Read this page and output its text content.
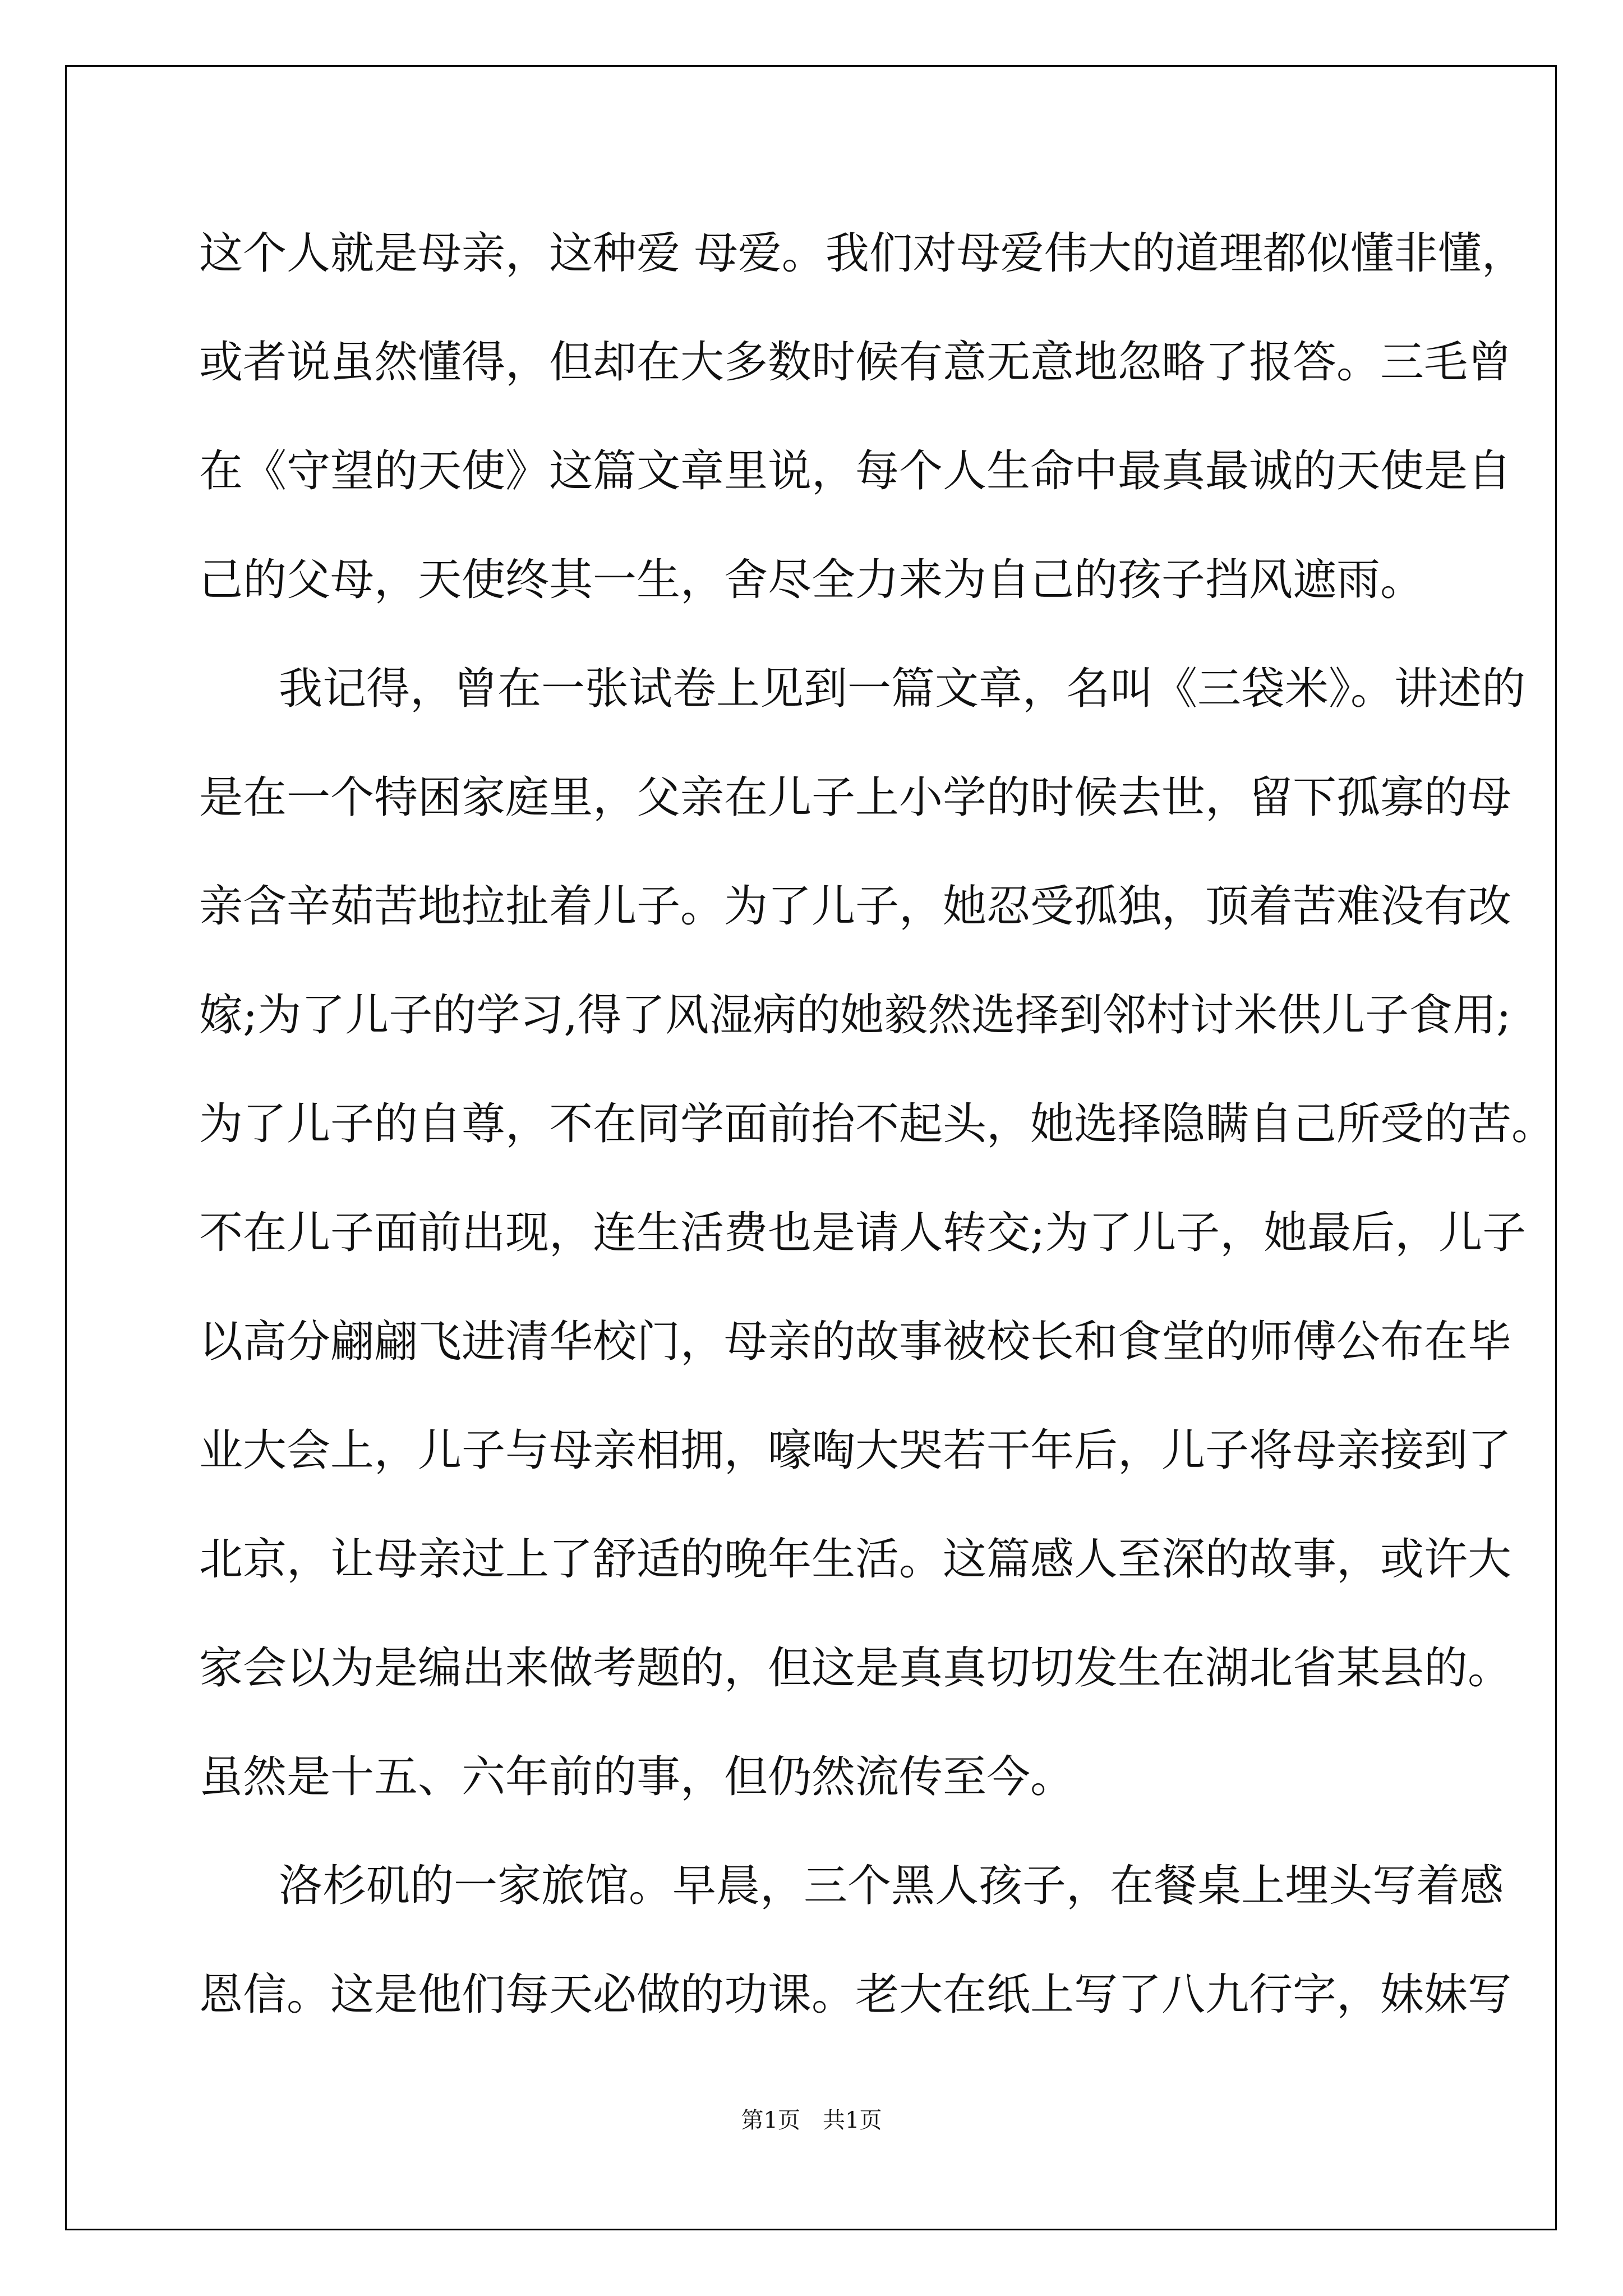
这个人就是母亲，这种爱 母爱。我们对母爱伟大的道理都似懂非懂，
或者说虽然懂得，但却在大多数时候有意无意地忽略了报答。三毛曾
在《守望的天使》这篇文章里说，每个人生命中最真最诚的天使是自
己的父母，天使终其一生，舍尽全力来为自己的孩子挡风遮雨。
我记得，曾在一张试卷上见到一篇文章，名叫《三袋米》。讲述的
是在一个特困家庭里，父亲在儿子上小学的时候去世，留下孤寡的母
亲含辛茹苦地拉扯着儿子。为了儿子，她忍受孤独，顶着苦难没有改
嫁;为了儿子的学习,得了风湿病的她毅然选择到邻村讨米供儿子食用;
为了儿子的自尊，不在同学面前抬不起头，她选择隐瞒自己所受的苦。
不在儿子面前出现，连生活费也是请人转交;为了儿子，她最后，儿子
以高分翩翩飞进清华校门，母亲的故事被校长和食堂的师傅公布在毕
业大会上，儿子与母亲相拥，嚎啕大哭若干年后，儿子将母亲接到了
北京，让母亲过上了舒适的晚年生活。这篇感人至深的故事，或许大
家会以为是编出来做考题的，但这是真真切切发生在湖北省某县的。
虽然是十五、六年前的事，但仍然流传至今。
洛杉矶的一家旅馆。早晨，三个黑人孩子，在餐桌上埋头写着感
恩信。这是他们每天必做的功课。老大在纸上写了八九行字，妹妹写
第1页 共1页
